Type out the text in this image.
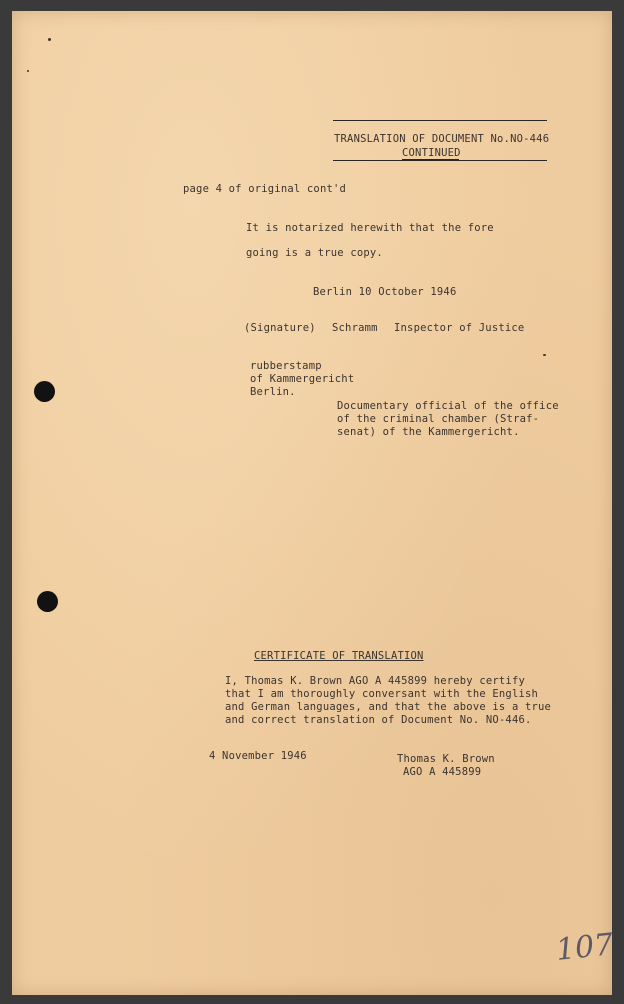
TRANSLATION OF DOCUMENT No.NO-446

CONTINUED

page 4 of original cont'd

It is notarized herewith that the fore

going is a true copy.

Berlin 10 October 1946

(Signature) Schramm Inspector of Justice

rubberstamp

of Kammergericht

Berlin.

Documentary official of the office

of the criminal chamber (Straf-

senat) of the Kammergericht.

CERTIFICATE OF TRANSLATION

I, Thomas K. Brown AGO A 445899 hereby certify

that I am thoroughly conversant with the English

and German languages, and that the above is a true

and correct translation of Document No. NO-446.

4 November 1946	Thomas K. Brown

AGO A 445899

107
